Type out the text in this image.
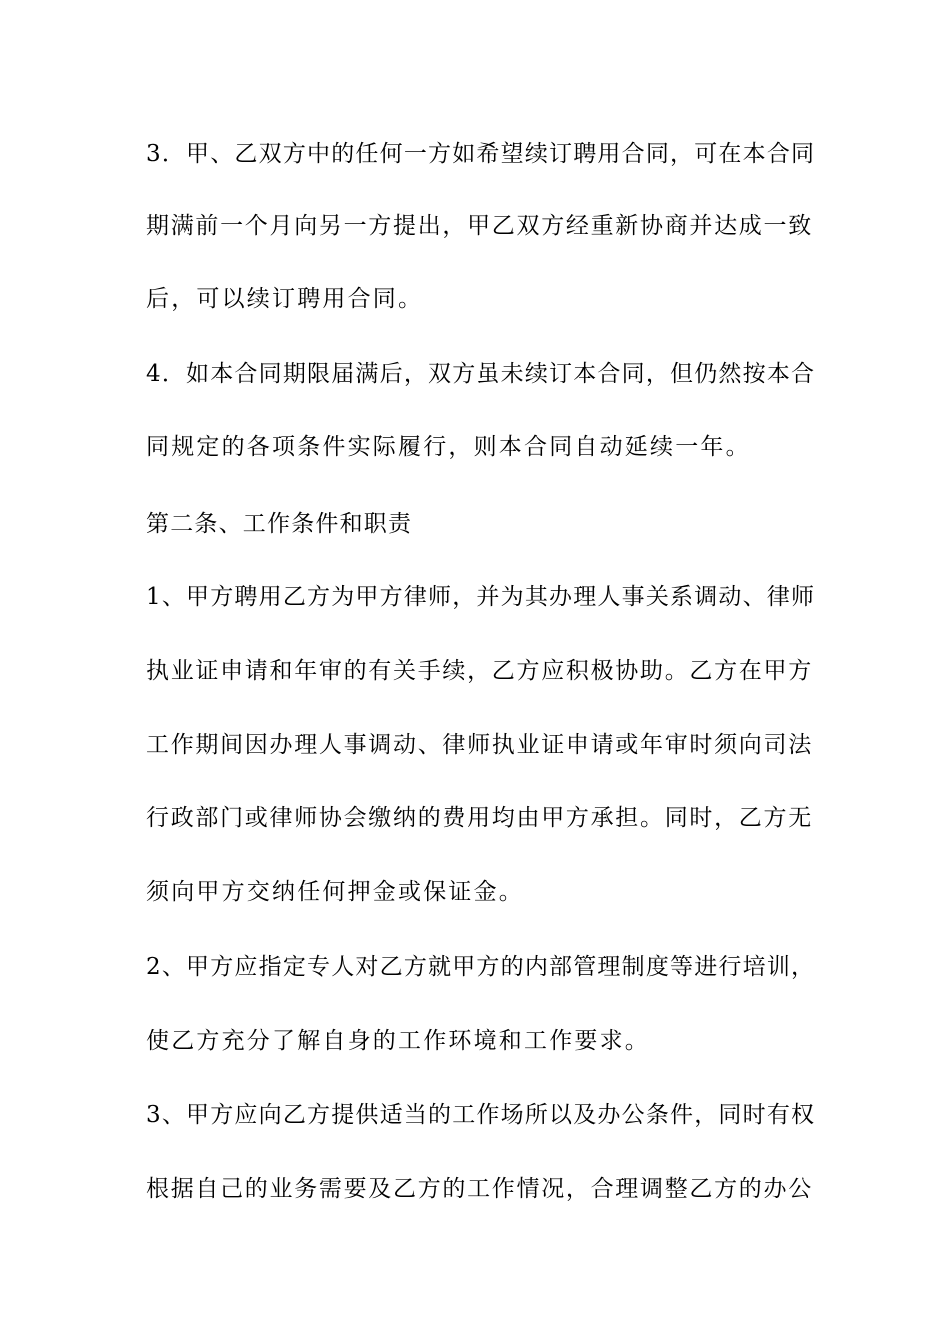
3．甲、乙双方中的任何一方如希望续订聘用合同，可在本合同
期满前一个月向另一方提出，甲乙双方经重新协商并达成一致
后，可以续订聘用合同。
4．如本合同期限届满后，双方虽未续订本合同，但仍然按本合
同规定的各项条件实际履行，则本合同自动延续一年。
第二条、工作条件和职责
1、甲方聘用乙方为甲方律师，并为其办理人事关系调动、律师
执业证申请和年审的有关手续，乙方应积极协助。乙方在甲方
工作期间因办理人事调动、律师执业证申请或年审时须向司法
行政部门或律师协会缴纳的费用均由甲方承担。同时，乙方无
须向甲方交纳任何押金或保证金。
2、甲方应指定专人对乙方就甲方的内部管理制度等进行培训，
使乙方充分了解自身的工作环境和工作要求。
3、甲方应向乙方提供适当的工作场所以及办公条件，同时有权
根据自己的业务需要及乙方的工作情况，合理调整乙方的办公
